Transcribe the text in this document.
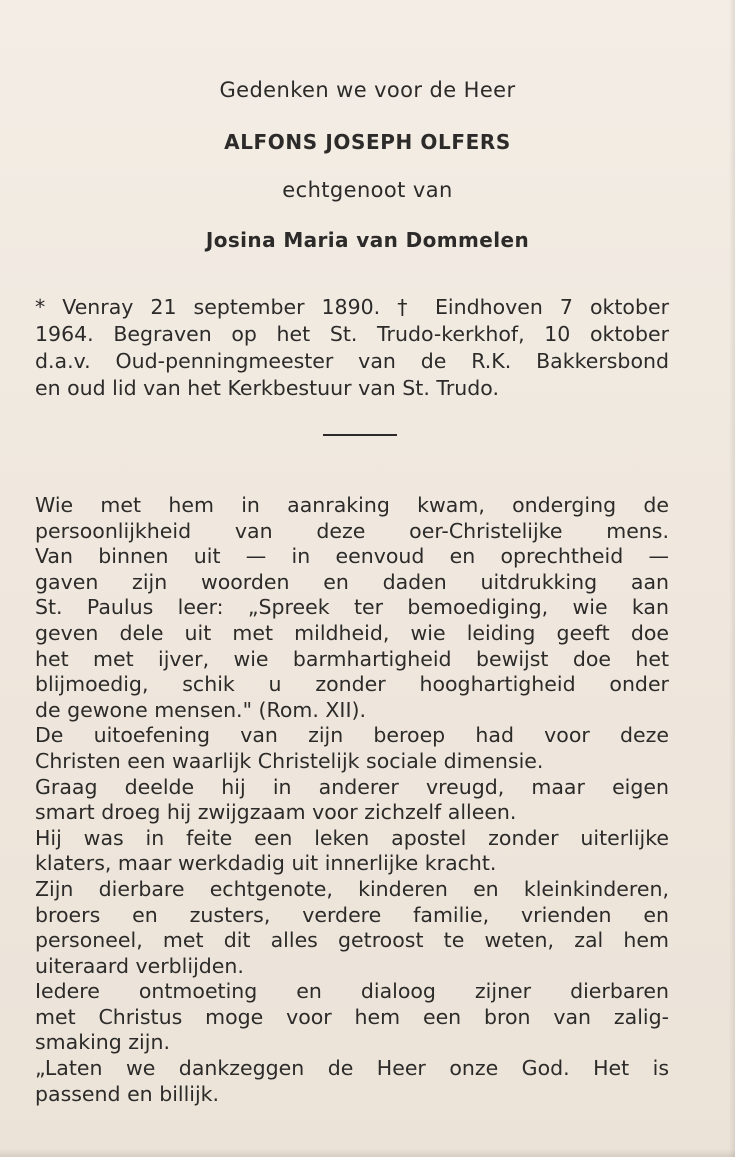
Gedenken we voor de Heer
ALFONS JOSEPH OLFERS
echtgenoot van
Josina Maria van Dommelen
* Venray 21 september 1890. † Eindhoven 7 oktober
1964. Begraven op het St. Trudo-kerkhof, 10 oktober
d.a.v. Oud-penningmeester van de R.K. Bakkersbond
en oud lid van het Kerkbestuur van St. Trudo.
Wie met hem in aanraking kwam, onderging de
persoonlijkheid van deze oer-Christelijke mens.
Van binnen uit — in eenvoud en oprechtheid —
gaven zijn woorden en daden uitdrukking aan
St. Paulus leer: „Spreek ter bemoediging, wie kan
geven dele uit met mildheid, wie leiding geeft doe
het met ijver, wie barmhartigheid bewijst doe het
blijmoedig, schik u zonder hooghartigheid onder
de gewone mensen." (Rom. XII).
De uitoefening van zijn beroep had voor deze
Christen een waarlijk Christelijk sociale dimensie.
Graag deelde hij in anderer vreugd, maar eigen
smart droeg hij zwijgzaam voor zichzelf alleen.
Hij was in feite een leken apostel zonder uiterlijke
klaters, maar werkdadig uit innerlijke kracht.
Zijn dierbare echtgenote, kinderen en kleinkinderen,
broers en zusters, verdere familie, vrienden en
personeel, met dit alles getroost te weten, zal hem
uiteraard verblijden.
Iedere ontmoeting en dialoog zijner dierbaren
met Christus moge voor hem een bron van zalig-
smaking zijn.
„Laten we dankzeggen de Heer onze God. Het is
passend en billijk.
